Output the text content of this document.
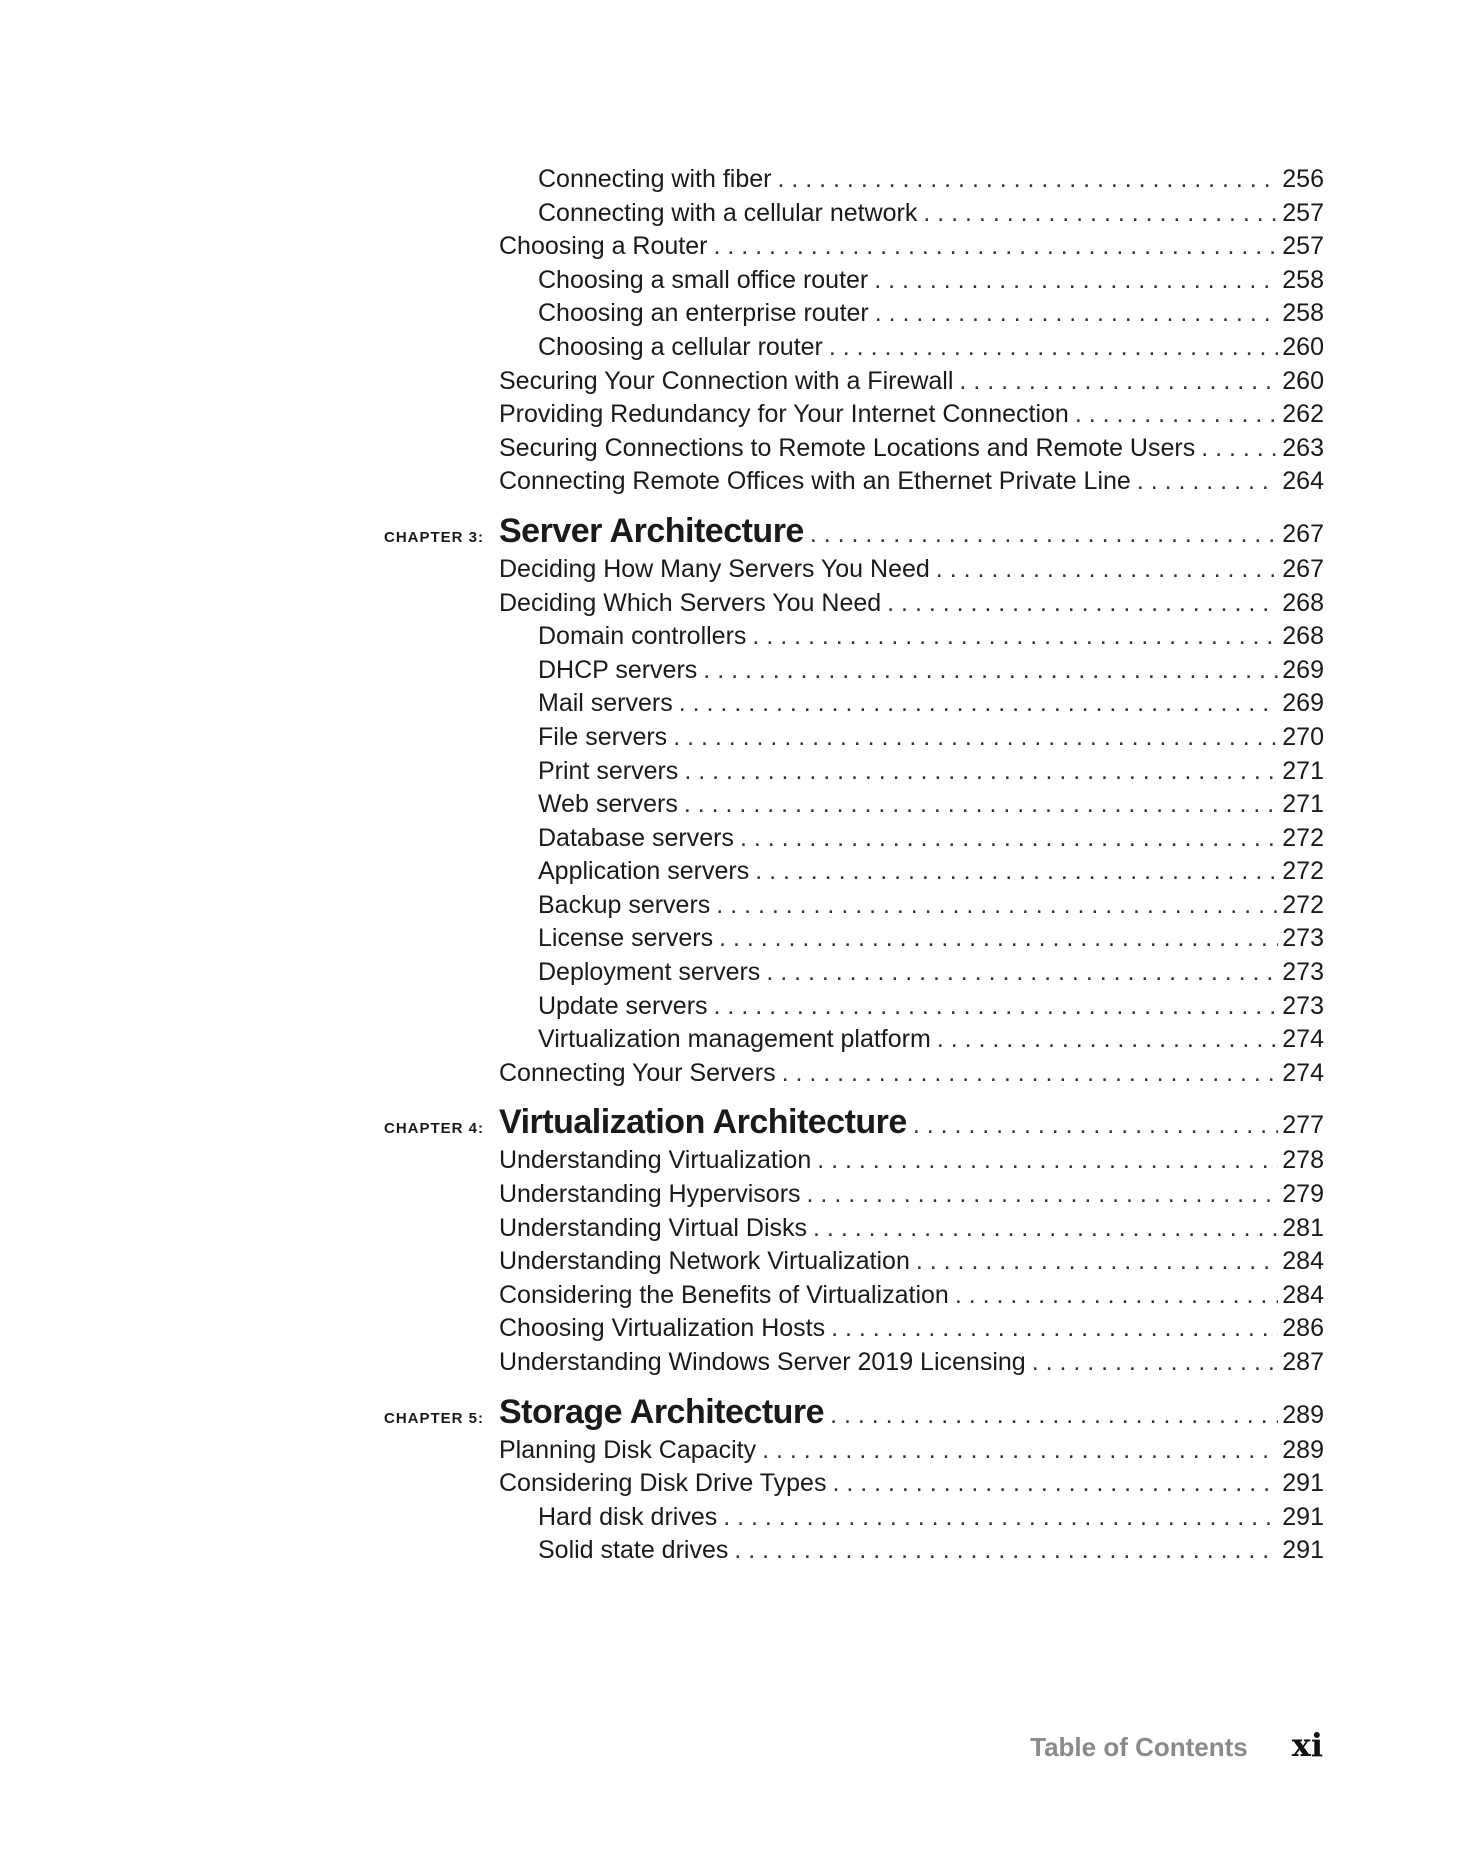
Connecting with fiber . . .	256
Connecting with a cellular network . . .	257
Choosing a Router . . .	257
Choosing a small office router . . .	258
Choosing an enterprise router . . .	258
Choosing a cellular router . . .	260
Securing Your Connection with a Firewall . . .	260
Providing Redundancy for Your Internet Connection . . .	262
Securing Connections to Remote Locations and Remote Users . . .	263
Connecting Remote Offices with an Ethernet Private Line . . .	264
CHAPTER 3: Server Architecture . . .	267
Deciding How Many Servers You Need . . .	267
Deciding Which Servers You Need . . .	268
Domain controllers . . .	268
DHCP servers . . .	269
Mail servers . . .	269
File servers . . .	270
Print servers . . .	271
Web servers . . .	271
Database servers . . .	272
Application servers . . .	272
Backup servers . . .	272
License servers . . .	273
Deployment servers . . .	273
Update servers . . .	273
Virtualization management platform . . .	274
Connecting Your Servers . . .	274
CHAPTER 4: Virtualization Architecture . . .	277
Understanding Virtualization . . .	278
Understanding Hypervisors . . .	279
Understanding Virtual Disks . . .	281
Understanding Network Virtualization . . .	284
Considering the Benefits of Virtualization . . .	284
Choosing Virtualization Hosts . . .	286
Understanding Windows Server 2019 Licensing . . .	287
CHAPTER 5: Storage Architecture . . .	289
Planning Disk Capacity . . .	289
Considering Disk Drive Types . . .	291
Hard disk drives . . .	291
Solid state drives . . .	291
Table of Contents xi
